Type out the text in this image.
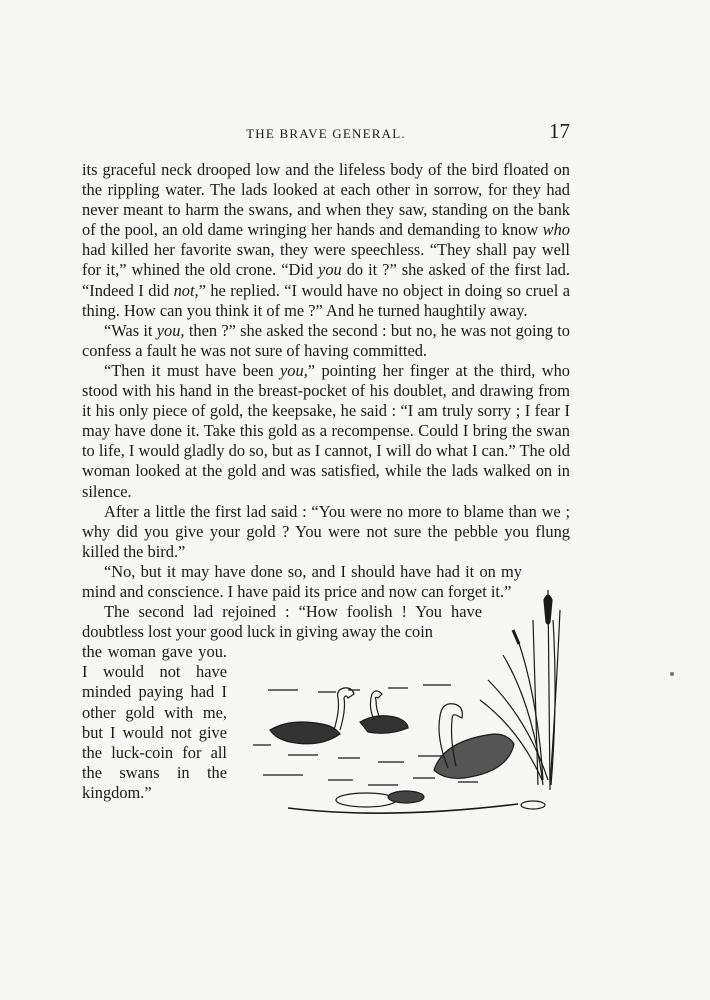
THE BRAVE GENERAL.	17

its graceful neck drooped low and the lifeless body of the bird floated on the rippling water. The lads looked at each other in sorrow, for they had never meant to harm the swans, and when they saw, standing on the bank of the pool, an old dame wringing her hands and demanding to know who had killed her favorite swan, they were speechless. “They shall pay well for it,” whined the old crone. “Did you do it ?” she asked of the first lad. “Indeed I did not,” he replied. “I would have no object in doing so cruel a thing. How can you think it of me ?” And he turned haughtily away.

“Was it you, then ?” she asked the second : but no, he was not going to confess a fault he was not sure of having committed.

“Then it must have been you,” pointing her finger at the third, who stood with his hand in the breast-pocket of his doublet, and drawing from it his only piece of gold, the keepsake, he said : “I am truly sorry ; I fear I may have done it. Take this gold as a recompense. Could I bring the swan to life, I would gladly do so, but as I cannot, I will do what I can.” The old woman looked at the gold and was satisfied, while the lads walked on in silence.

After a little the first lad said : “You were no more to blame than we ; why did you give your gold ? You were not sure the pebble you flung killed the bird.”

“No, but it may have done so, and I should have had it on my mind and conscience. I have paid its price and now can forget it.”

The second lad rejoined : “How foolish ! You have doubtless lost your good luck in giving away the coin

the woman gave you. I would not have minded paying had I other gold with me, but I would not give the luck-coin for all the swans in the kingdom.”
